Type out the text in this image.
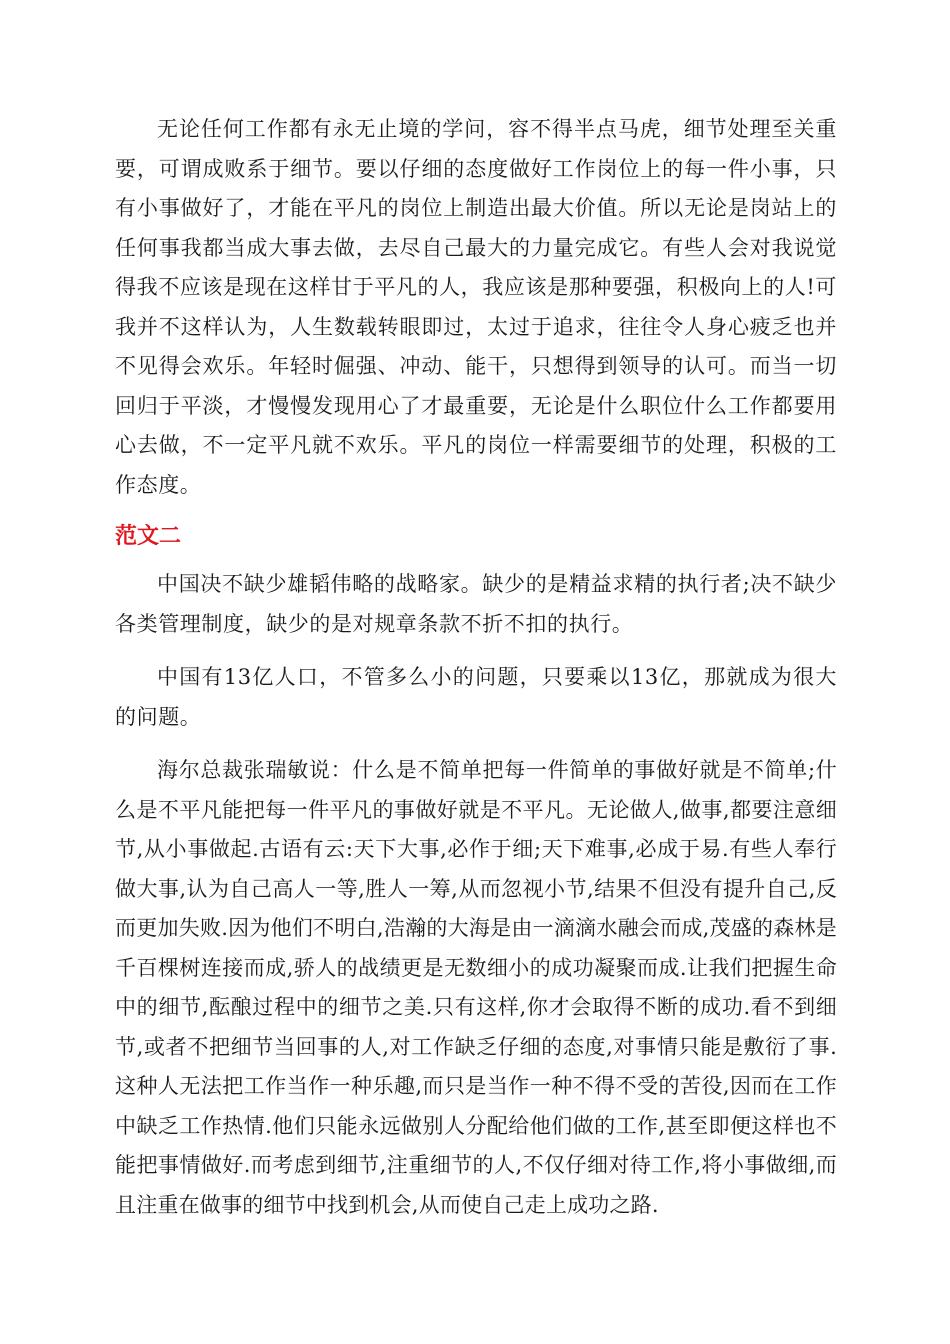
无论任何工作都有永无止境的学问，容不得半点马虎，细节处理至关重要，可谓成败系于细节。要以仔细的态度做好工作岗位上的每一件小事，只有小事做好了，才能在平凡的岗位上制造出最大价值。所以无论是岗站上的任何事我都当成大事去做，去尽自己最大的力量完成它。有些人会对我说觉得我不应该是现在这样甘于平凡的人，我应该是那种要强，积极向上的人!可我并不这样认为，人生数载转眼即过，太过于追求，往往令人身心疲乏也并不见得会欢乐。年轻时倔强、冲动、能干，只想得到领导的认可。而当一切回归于平淡，才慢慢发现用心了才最重要，无论是什么职位什么工作都要用心去做，不一定平凡就不欢乐。平凡的岗位一样需要细节的处理，积极的工作态度。

范文二

中国决不缺少雄韬伟略的战略家。缺少的是精益求精的执行者;决不缺少各类管理制度，缺少的是对规章条款不折不扣的执行。

中国有13亿人口，不管多么小的问题，只要乘以13亿，那就成为很大的问题。

海尔总裁张瑞敏说：什么是不简单把每一件简单的事做好就是不简单;什么是不平凡能把每一件平凡的事做好就是不平凡。无论做人,做事,都要注意细节,从小事做起.古语有云:天下大事,必作于细;天下难事,必成于易.有些人奉行做大事,认为自己高人一等,胜人一筹,从而忽视小节,结果不但没有提升自己,反而更加失败.因为他们不明白,浩瀚的大海是由一滴滴水融会而成,茂盛的森林是千百棵树连接而成,骄人的战绩更是无数细小的成功凝聚而成.让我们把握生命中的细节,酝酿过程中的细节之美.只有这样,你才会取得不断的成功.看不到细节,或者不把细节当回事的人,对工作缺乏仔细的态度,对事情只能是敷衍了事.这种人无法把工作当作一种乐趣,而只是当作一种不得不受的苦役,因而在工作中缺乏工作热情.他们只能永远做别人分配给他们做的工作,甚至即便这样也不能把事情做好.而考虑到细节,注重细节的人,不仅仔细对待工作,将小事做细,而且注重在做事的细节中找到机会,从而使自己走上成功之路.
